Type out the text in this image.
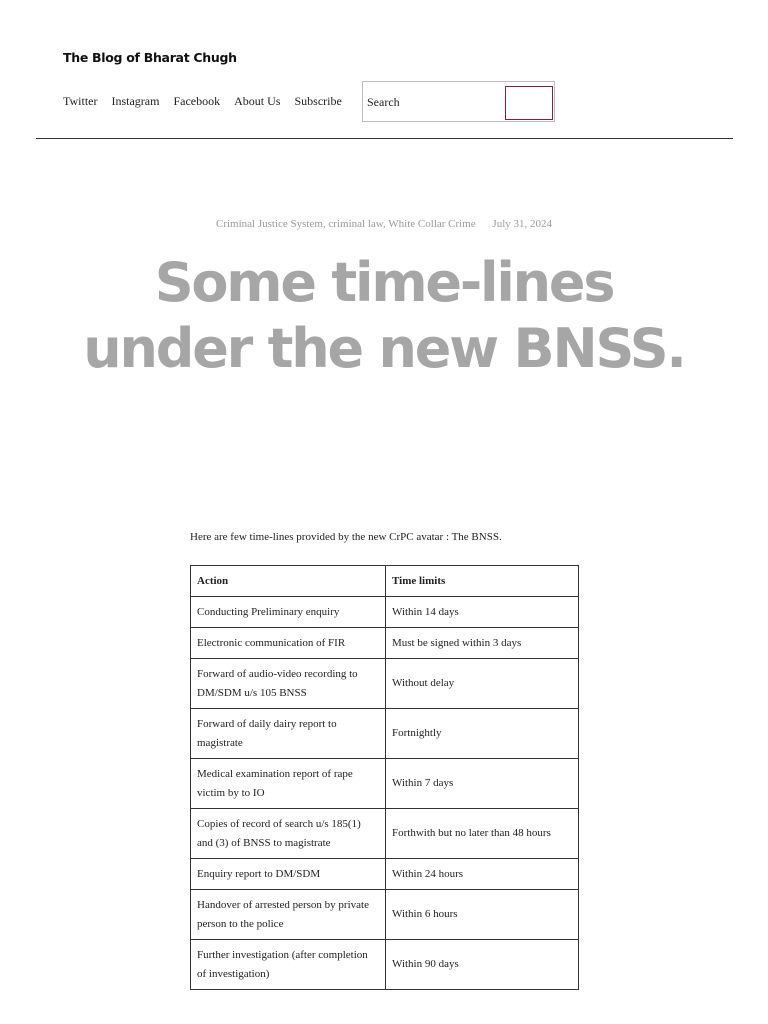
The Blog of Bharat Chugh
Twitter Instagram Facebook About Us Subscribe
Search
Criminal Justice System, criminal law, White Collar Crime July 31, 2024
Some time-lines
under the new BNSS.

Here are few time-lines provided by the new CrPC avatar : The BNSS.

Action	Time limits
Conducting Preliminary enquiry	Within 14 days
Electronic communication of FIR	Must be signed within 3 days
Forward of audio-video recording to DM/SDM u/s 105 BNSS	Without delay
Forward of daily dairy report to magistrate	Fortnightly
Medical examination report of rape victim by to IO	Within 7 days
Copies of record of search u/s 185(1) and (3) of BNSS to magistrate	Forthwith but no later than 48 hours
Enquiry report to DM/SDM	Within 24 hours
Handover of arrested person by private person to the police	Within 6 hours
Further investigation (after completion of investigation)	Within 90 days
